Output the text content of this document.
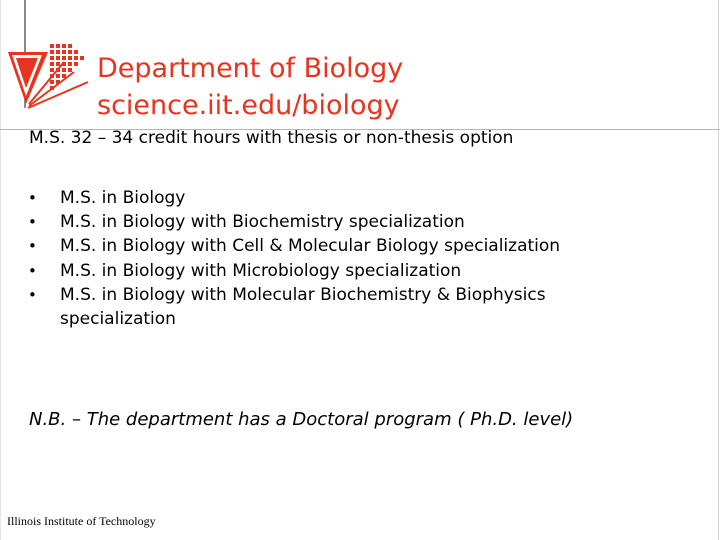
Department of Biology
science.iit.edu/biology
M.S. 32 – 34 credit hours with thesis or non-thesis option
• M.S. in Biology
• M.S. in Biology with Biochemistry specialization
• M.S. in Biology with Cell & Molecular Biology specialization
• M.S. in Biology with Microbiology specialization
• M.S. in Biology with Molecular Biochemistry & Biophysics specialization
N.B. – The department has a Doctoral program ( Ph.D. level)
Illinois Institute of Technology
